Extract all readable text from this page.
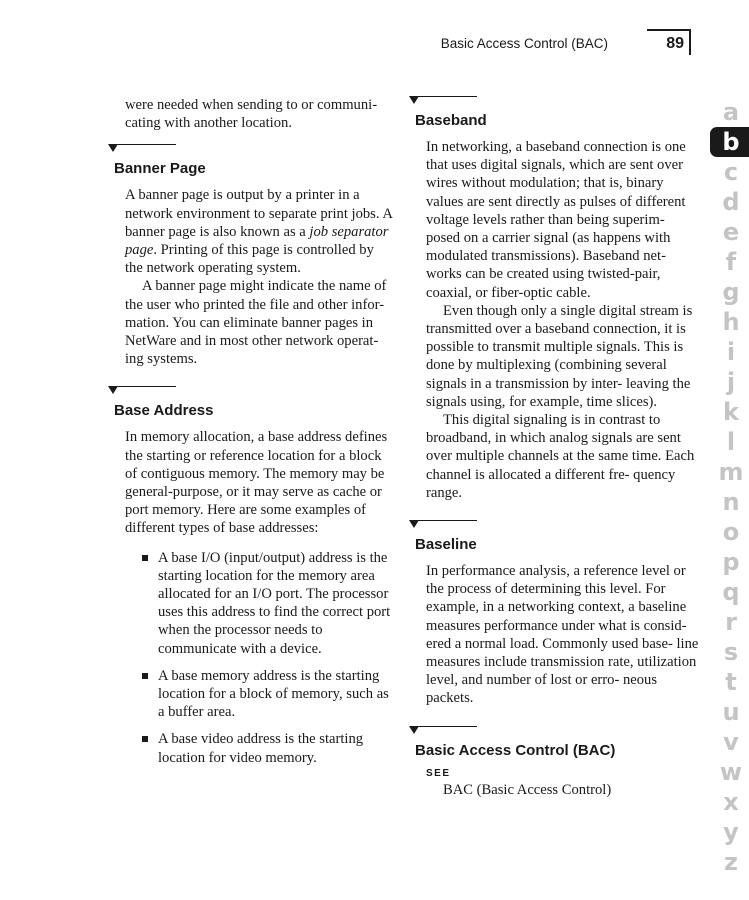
Basic Access Control (BAC)	89

were needed when sending to or communi- cating with another location.

Banner Page

A banner page is output by a printer in a network environment to separate print jobs. A banner page is also known as a job separator page. Printing of this page is controlled by the network operating system.

A banner page might indicate the name of the user who printed the file and other infor- mation. You can eliminate banner pages in NetWare and in most other network operat- ing systems.

Base Address

In memory allocation, a base address defines the starting or reference location for a block of contiguous memory. The memory may be general-purpose, or it may serve as cache or port memory. Here are some examples of different types of base addresses:

A base I/O (input/output) address is the starting location for the memory area allocated for an I/O port. The processor uses this address to find the correct port when the processor needs to communicate with a device.
A base memory address is the starting location for a block of memory, such as a buffer area.
A base video address is the starting location for video memory.
Baseband

In networking, a baseband connection is one that uses digital signals, which are sent over wires without modulation; that is, binary values are sent directly as pulses of different voltage levels rather than being superim- posed on a carrier signal (as happens with modulated transmissions). Baseband net- works can be created using twisted-pair, coaxial, or fiber-optic cable.

Even though only a single digital stream is transmitted over a baseband connection, it is possible to transmit multiple signals. This is done by multiplexing (combining several signals in a transmission by inter- leaving the signals using, for example, time slices).

This digital signaling is in contrast to broadband, in which analog signals are sent over multiple channels at the same time. Each channel is allocated a different fre- quency range.

Baseline

In performance analysis, a reference level or the process of determining this level. For example, in a networking context, a baseline measures performance under what is consid- ered a normal load. Commonly used base- line measures include transmission rate, utilization level, and number of lost or erro- neous packets.

Basic Access Control (BAC)
SEE
BAC (Basic Access Control)
a
b
c
d
e
f
g
h
i
j
k
l
m
n
o
p
q
r
s
t
u
v
w
x
y
z
